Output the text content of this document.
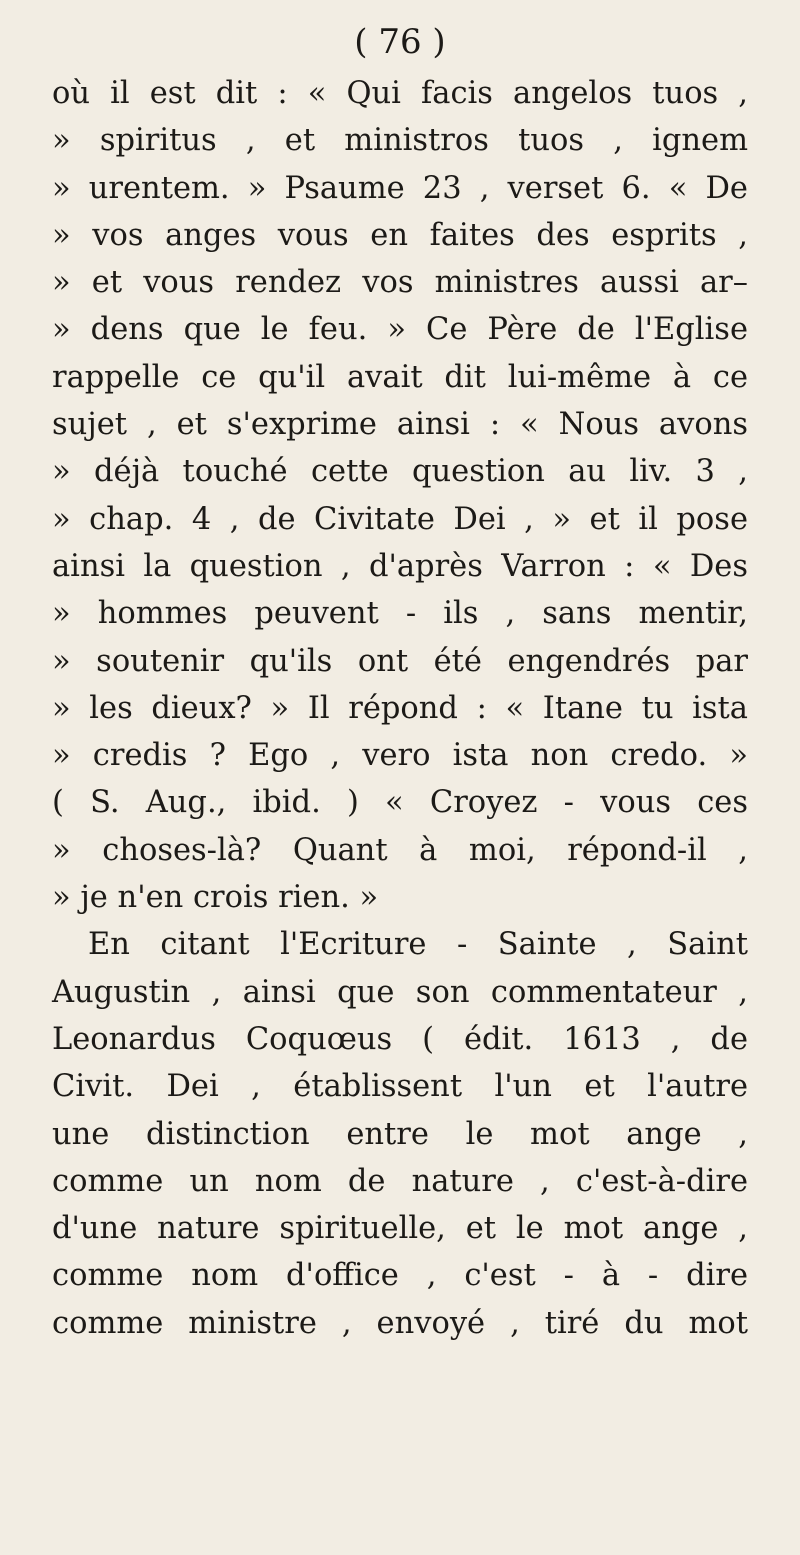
( 76 )
où il est dit : « Qui facis angelos tuos ,
» spiritus , et ministros tuos , ignem
» urentem. » Psaume 23 , verset 6. « De
» vos anges vous en faites des esprits ,
» et vous rendez vos ministres aussi ar–
» dens que le feu. » Ce Père de l'Eglise
rappelle ce qu'il avait dit lui-même à ce
sujet , et s'exprime ainsi : « Nous avons
» déjà touché cette question au liv. 3 ,
» chap. 4 , de Civitate Dei , » et il pose
ainsi la question , d'après Varron : « Des
» hommes peuvent - ils , sans mentir,
» soutenir qu'ils ont été engendrés par
» les dieux? » Il répond : « Itane tu ista
» credis ? Ego , vero ista non credo. »
( S. Aug., ibid. ) « Croyez - vous ces
» choses-là? Quant à moi, répond-il ,
» je n'en crois rien. »
En citant l'Ecriture - Sainte , Saint
Augustin , ainsi que son commentateur ,
Leonardus Coquœus ( édit. 1613 , de
Civit. Dei , établissent l'un et l'autre
une distinction entre le mot ange ,
comme un nom de nature , c'est-à-dire
d'une nature spirituelle, et le mot ange ,
comme nom d'office , c'est - à - dire
comme ministre , envoyé , tiré du mot
